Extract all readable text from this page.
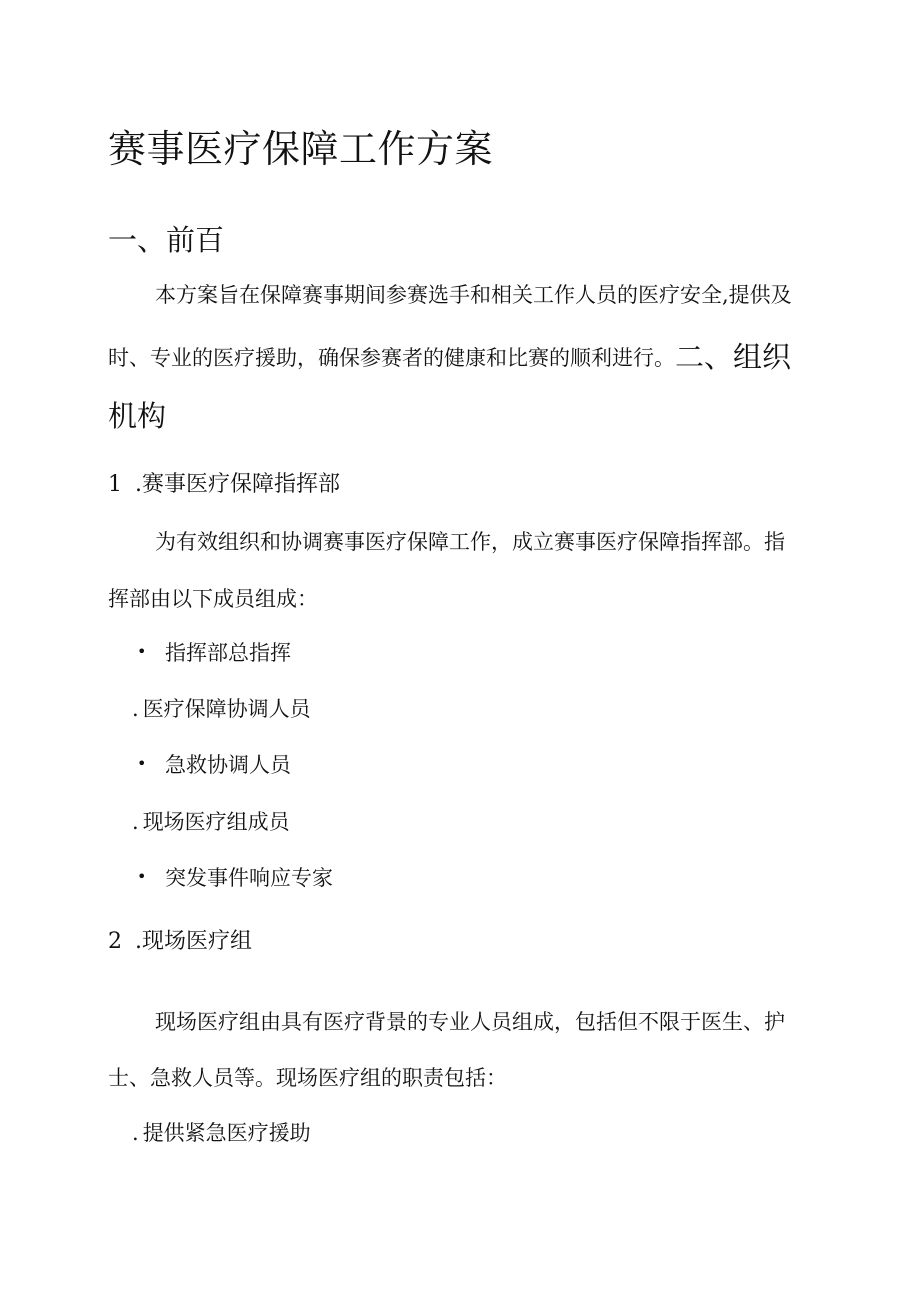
赛事医疗保障工作方案
一、前百
本方案旨在保障赛事期间参赛选手和相关工作人员的医疗安全,提供及
时、专业的医疗援助，确保参赛者的健康和比赛的顺利进行。二、组织
机构
1 .赛事医疗保障指挥部
为有效组织和协调赛事医疗保障工作，成立赛事医疗保障指挥部。指
挥部由以下成员组成：
• 指挥部总指挥
. 医疗保障协调人员
• 急救协调人员
. 现场医疗组成员
• 突发事件响应专家
2 .现场医疗组
现场医疗组由具有医疗背景的专业人员组成，包括但不限于医生、护
士、急救人员等。现场医疗组的职责包括：
. 提供紧急医疗援助
